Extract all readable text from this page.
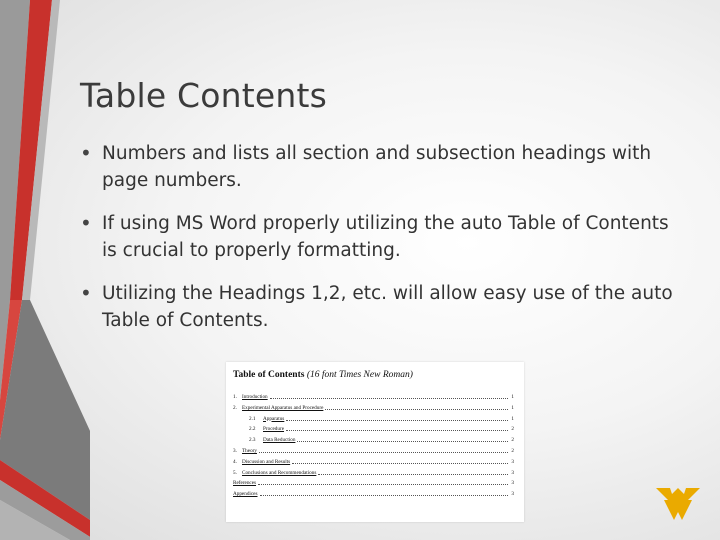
Table Contents
• Numbers and lists all section and subsection headings with page numbers.
• If using MS Word properly utilizing the auto Table of Contents is crucial to properly formatting.
• Utilizing the Headings 1,2, etc. will allow easy use of the auto Table of Contents.
Table of Contents (16 font Times New Roman)
1. Introduction	1
2. Experimental Apparatus and Procedure	1
2.1 Apparatus	1
2.2 Procedure	2
2.3 Data Reduction	2
3. Theory	2
4. Discussion and Results	3
5. Conclusions and Recommendations	3
References	3
Appendices	3
